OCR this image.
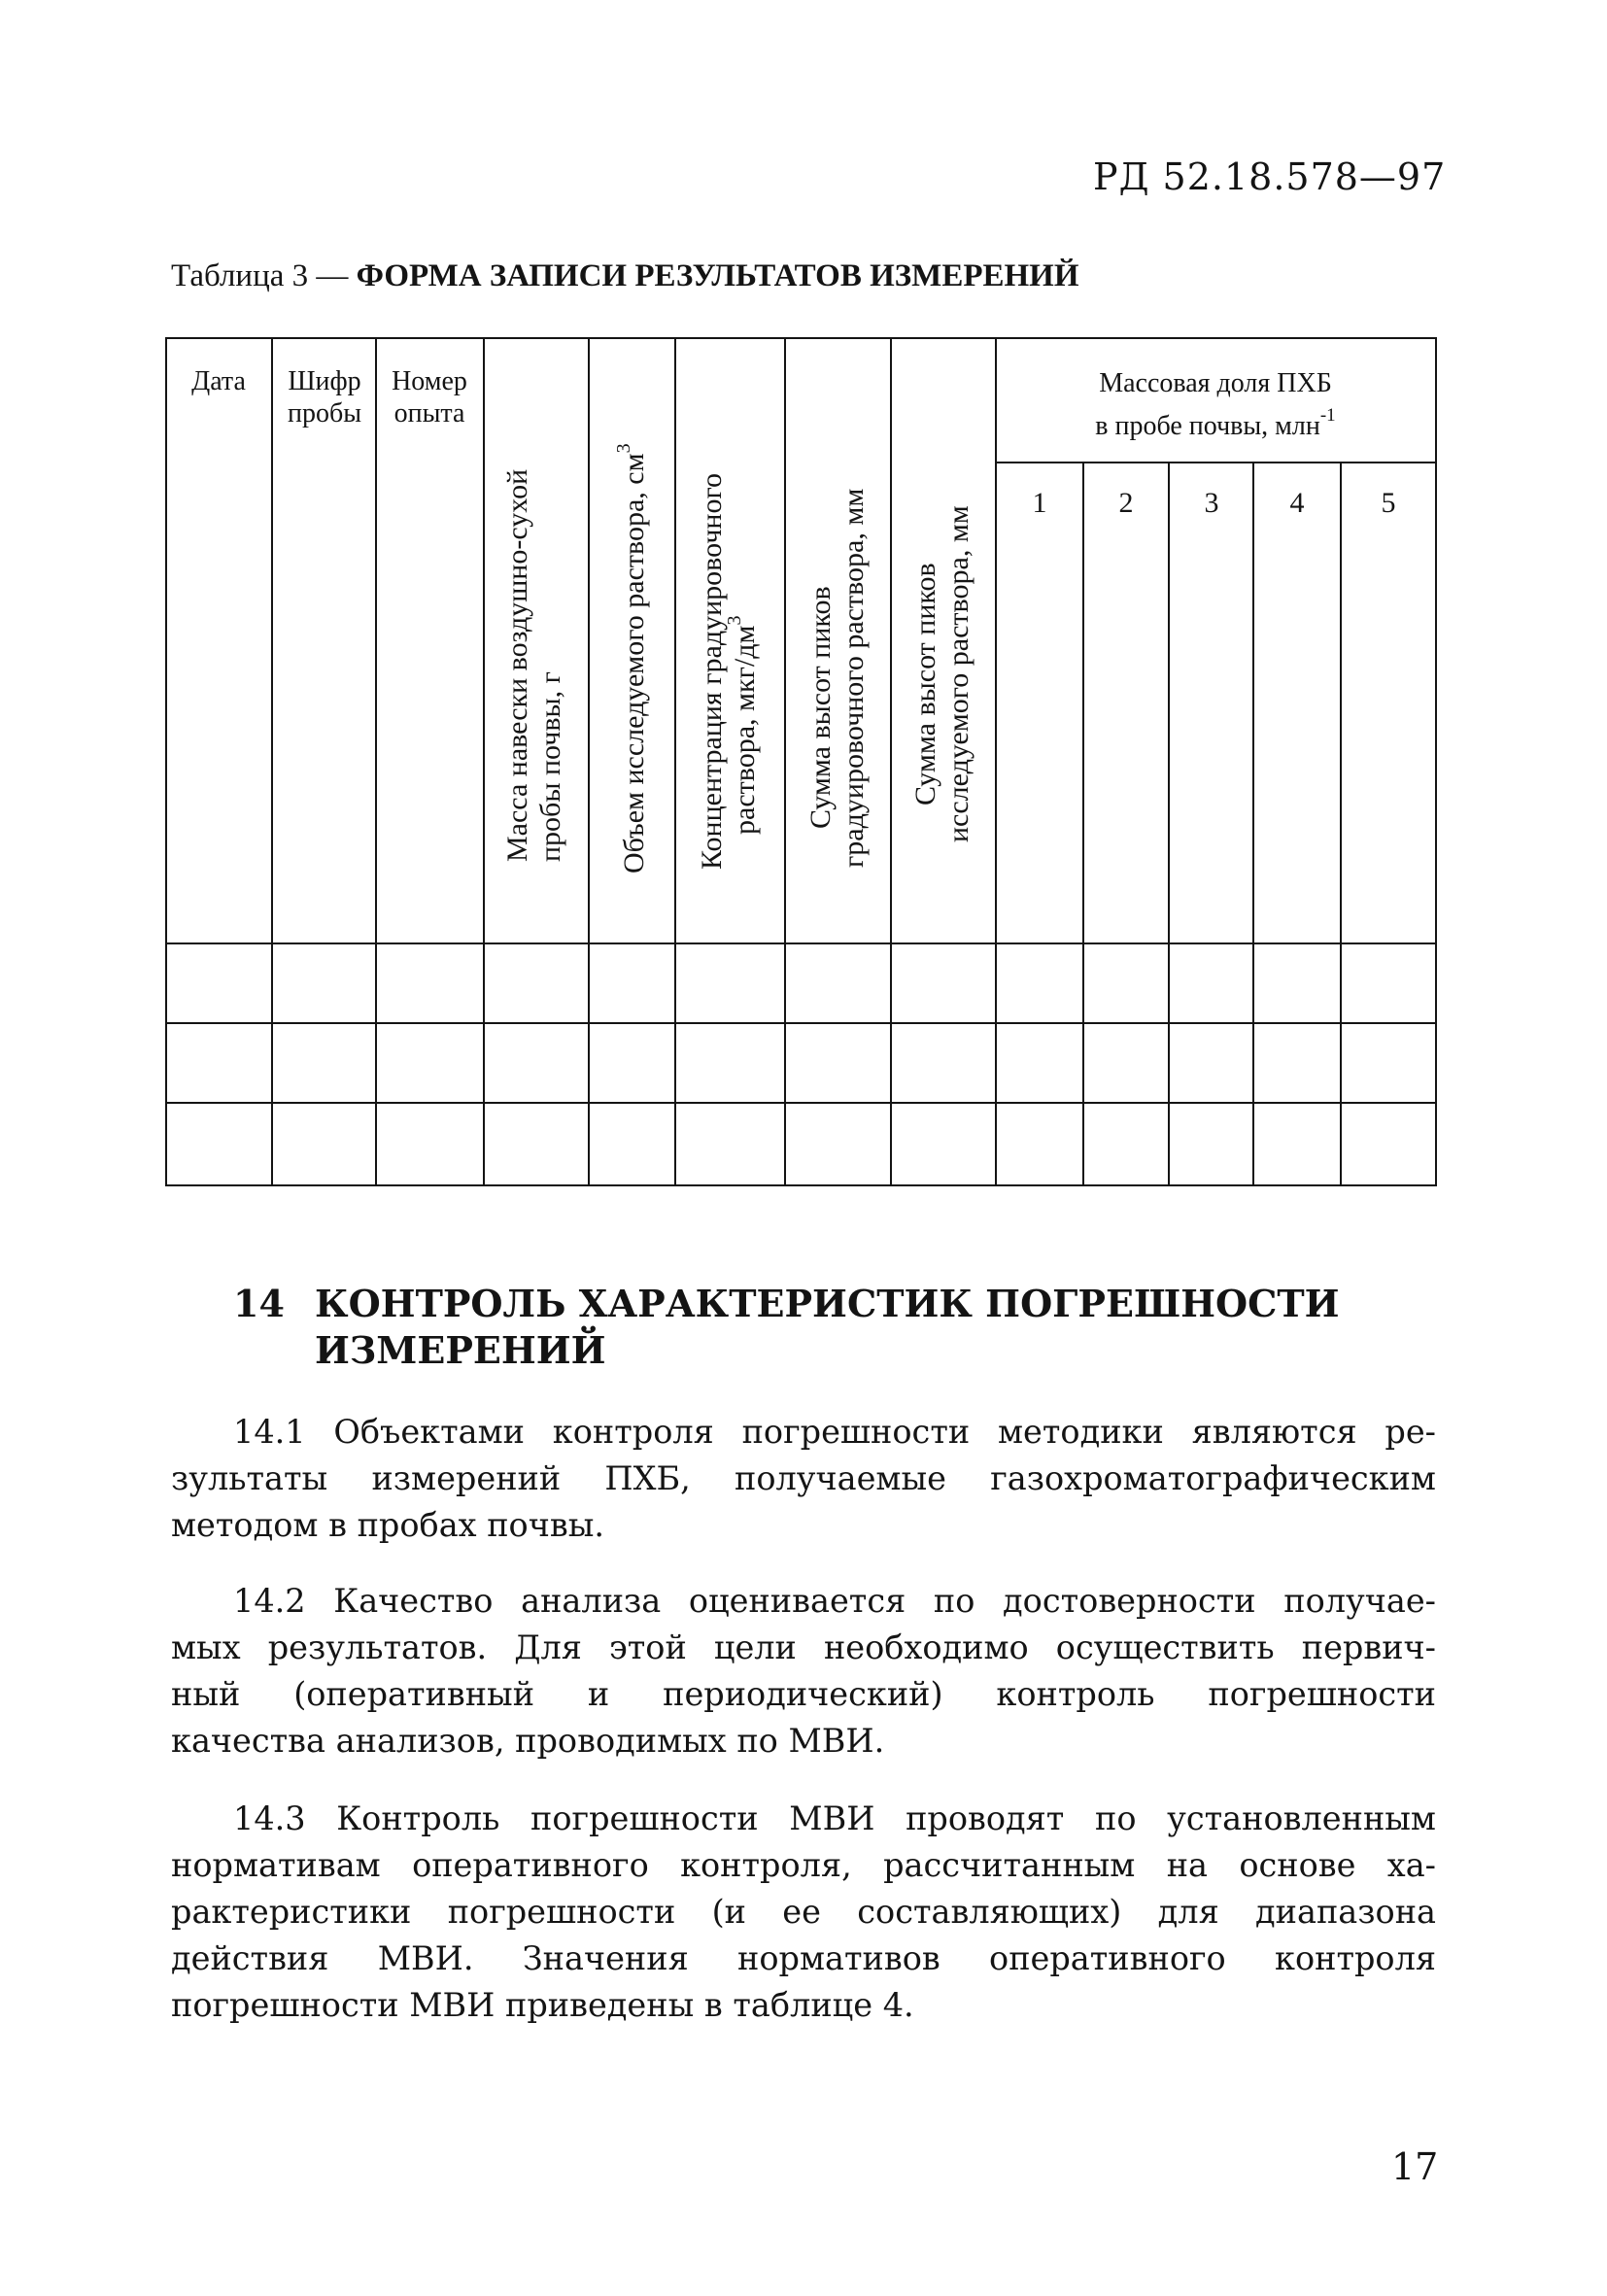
РД 52.18.578—97
Таблица 3 — ФОРМА ЗАПИСИ РЕЗУЛЬТАТОВ ИЗМЕРЕНИЙ
Дата Шифр
пробы
Номер
опыта
Масса навески воздушно-сухой пробы почвы, г Объем исследуемого раствора, $см^3$
Концентрация градуировочного раствора, мкг/$дм^3$	Сумма высот пиков градуировочного раствора, мм Сумма высот пиков исследуемого раствора, мм
Массовая доля ПХБ
в пробе почвы, млн$^{-1}$
1 2 3 4	5
14 КОНТРОЛЬ ХАРАКТЕРИСТИК ПОГРЕШНОСТИ
ИЗМЕРЕНИЙ
14.1 Объектами контроля погрешности методики являются ре-
зультаты измерений ПХБ, получаемые газохроматографическим
методом в пробах почвы.
14.2 Качество анализа оценивается по достоверности получае-
мых результатов. Для этой цели необходимо осуществить первич-
ный (оперативный и периодический) контроль погрешности
качества анализов, проводимых по МВИ.
14.3 Контроль погрешности МВИ проводят по установленным
нормативам оперативного контроля, рассчитанным на основе ха-
рактеристики погрешности (и ее составляющих) для диапазона
действия МВИ. Значения нормативов оперативного контроля
погрешности МВИ приведены в таблице 4.
17
